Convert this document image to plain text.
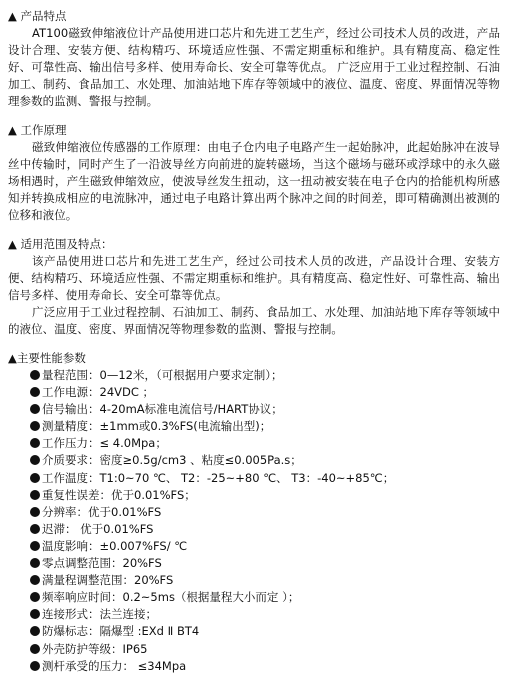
▲ 产品特点
AT100磁致伸缩液位计产品使用进口芯片和先进工艺生产，经过公司技术人员的改进，产品设计合理、安装方便、结构精巧、环境适应性强、不需定期重标和维护。具有精度高、稳定性好、可靠性高、输出信号多样、使用寿命长、安全可靠等优点。 广泛应用于工业过程控制、石油加工、制药、食品加工、水处理、加油站地下库存等领域中的液位、温度、密度、界面情况等物理参数的监测、警报与控制。
▲ 工作原理
磁致伸缩液位传感器的工作原理：由电子仓内电子电路产生一起始脉冲，此起始脉冲在波导丝中传输时，同时产生了一沿波导丝方向前进的旋转磁场，当这个磁场与磁环或浮球中的永久磁场相遇时，产生磁致伸缩效应，使波导丝发生扭动，这一扭动被安装在电子仓内的拾能机构所感知并转换成相应的电流脉冲，通过电子电路计算出两个脉冲之间的时间差，即可精确测出被测的位移和液位。
▲ 适用范围及特点：
该产品使用进口芯片和先进工艺生产，经过公司技术人员的改进，产品设计合理、安装方便、结构精巧、环境适应性强、不需定期重标和维护。具有精度高、稳定性好、可靠性高、输出信号多样、使用寿命长、安全可靠等优点。
广泛应用于工业过程控制、石油加工、制药、食品加工、水处理、加油站地下库存等领域中的液位、温度、密度、界面情况等物理参数的监测、警报与控制。
▲主要性能参数
量程范围：0—12米，（可根据用户要求定制）；
工作电源：24VDC ；
信号输出：4-20mA标准电流信号/HART协议；
测量精度：±1mm或0.3%FS(电流输出型)；
工作压力：≤ 4.0Mpa；
介质要求：密度≥0.5g/cm3 、粘度≤0.005Pa.s；
工作温度：T1:0~70 ℃、 T2：-25~+80 ℃、 T3：-40~+85℃；
重复性误差：优于0.01%FS；
分辨率：优于0.01%FS
迟滞： 优于0.01%FS
温度影响：±0.007%FS/ ℃
零点调整范围：20%FS
满量程调整范围：20%FS
频率响应时间：0.2~5ms（根据量程大小而定 ）；
连接形式：法兰连接；
防爆标志：隔爆型 :EXd Ⅱ BT4
外壳防护等级：IP65
测杆承受的压力： ≤34Mpa
